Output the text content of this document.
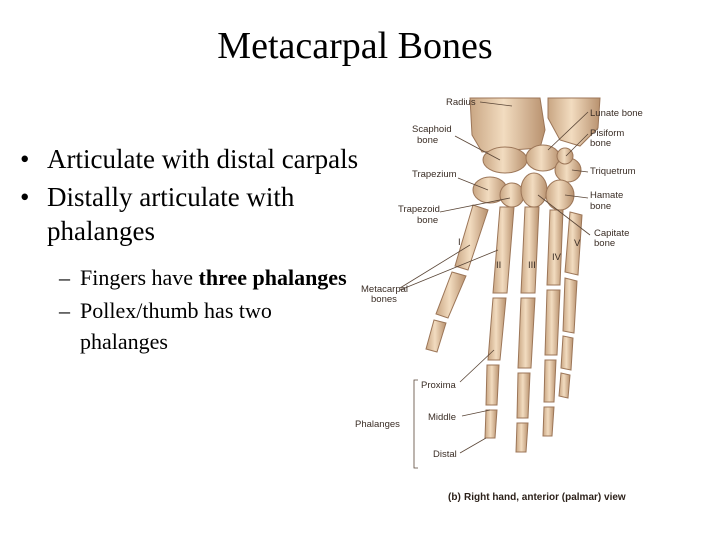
Metacarpal Bones
• Articulate with distal carpals
• Distally articulate with phalanges
– Fingers have three phalanges
– Pollex/thumb has two phalanges
Radius
Scaphoid
bone
Lunate bone
Pisiform
bone
Trapezium	Triquetrum
Hamate
bone
Trapezoid
bone
Capitate
bone
Metacarpal
bones
Phalanges
Proxima
Middle
Distal
I
II	III
IV
V
(b) Right hand, anterior (palmar) view
